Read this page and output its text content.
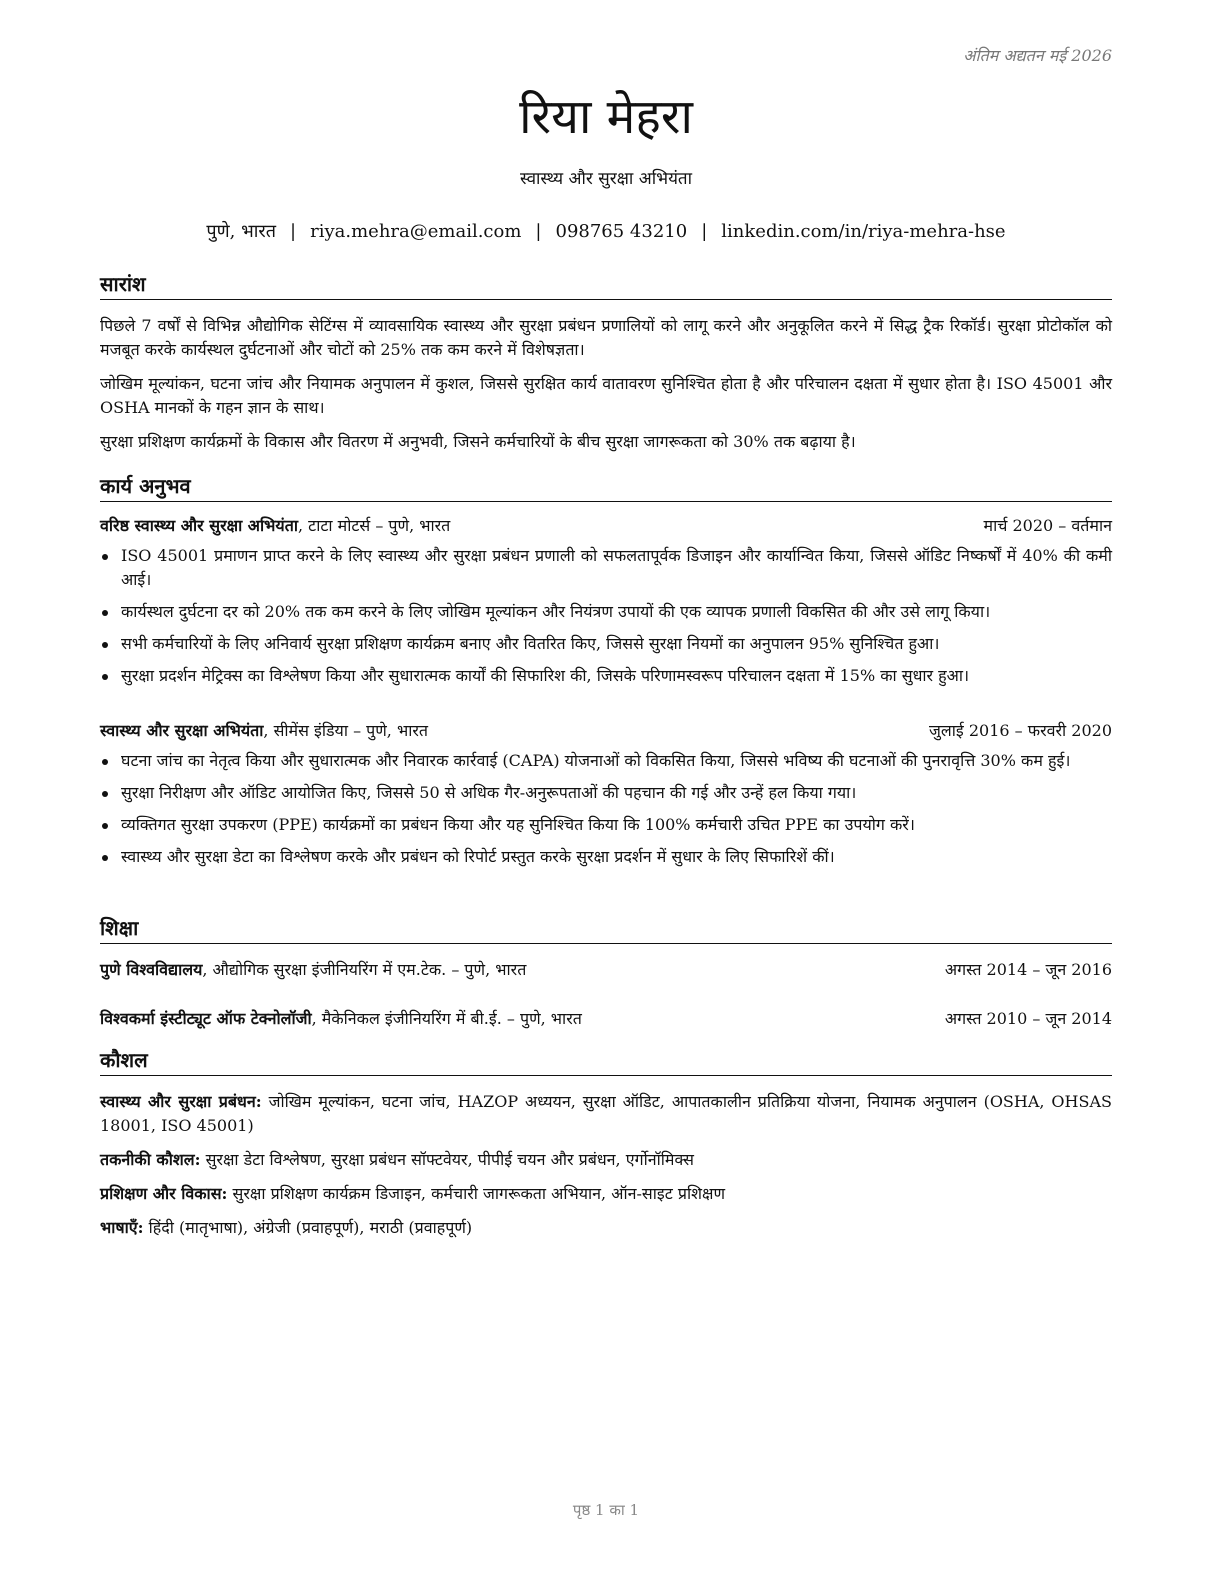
अंतिम अद्यतन मई 2026
रिया मेहरा
स्वास्थ्य और सुरक्षा अभियंता
पुणे, भारत | riya.mehra@email.com | 098765 43210 | linkedin.com/in/riya-mehra-hse
सारांश
पिछले 7 वर्षों से विभिन्न औद्योगिक सेटिंग्स में व्यावसायिक स्वास्थ्य और सुरक्षा प्रबंधन प्रणालियों को लागू करने और अनुकूलित करने में सिद्ध ट्रैक रिकॉर्ड। सुरक्षा प्रोटोकॉल को मजबूत करके कार्यस्थल दुर्घटनाओं और चोटों को 25% तक कम करने में विशेषज्ञता।
जोखिम मूल्यांकन, घटना जांच और नियामक अनुपालन में कुशल, जिससे सुरक्षित कार्य वातावरण सुनिश्चित होता है और परिचालन दक्षता में सुधार होता है। ISO 45001 और OSHA मानकों के गहन ज्ञान के साथ।
सुरक्षा प्रशिक्षण कार्यक्रमों के विकास और वितरण में अनुभवी, जिसने कर्मचारियों के बीच सुरक्षा जागरूकता को 30% तक बढ़ाया है।
कार्य अनुभव
वरिष्ठ स्वास्थ्य और सुरक्षा अभियंता, टाटा मोटर्स – पुणे, भारत	मार्च 2020 – वर्तमान
ISO 45001 प्रमाणन प्राप्त करने के लिए स्वास्थ्य और सुरक्षा प्रबंधन प्रणाली को सफलतापूर्वक डिजाइन और कार्यान्वित किया, जिससे ऑडिट निष्कर्षों में 40% की कमी आई।
कार्यस्थल दुर्घटना दर को 20% तक कम करने के लिए जोखिम मूल्यांकन और नियंत्रण उपायों की एक व्यापक प्रणाली विकसित की और उसे लागू किया।
सभी कर्मचारियों के लिए अनिवार्य सुरक्षा प्रशिक्षण कार्यक्रम बनाए और वितरित किए, जिससे सुरक्षा नियमों का अनुपालन 95% सुनिश्चित हुआ।
सुरक्षा प्रदर्शन मेट्रिक्स का विश्लेषण किया और सुधारात्मक कार्यों की सिफारिश की, जिसके परिणामस्वरूप परिचालन दक्षता में 15% का सुधार हुआ।
स्वास्थ्य और सुरक्षा अभियंता, सीमेंस इंडिया – पुणे, भारत	जुलाई 2016 – फरवरी 2020
घटना जांच का नेतृत्व किया और सुधारात्मक और निवारक कार्रवाई (CAPA) योजनाओं को विकसित किया, जिससे भविष्य की घटनाओं की पुनरावृत्ति 30% कम हुई।
सुरक्षा निरीक्षण और ऑडिट आयोजित किए, जिससे 50 से अधिक गैर-अनुरूपताओं की पहचान की गई और उन्हें हल किया गया।
व्यक्तिगत सुरक्षा उपकरण (PPE) कार्यक्रमों का प्रबंधन किया और यह सुनिश्चित किया कि 100% कर्मचारी उचित PPE का उपयोग करें।
स्वास्थ्य और सुरक्षा डेटा का विश्लेषण करके और प्रबंधन को रिपोर्ट प्रस्तुत करके सुरक्षा प्रदर्शन में सुधार के लिए सिफारिशें कीं।
शिक्षा
पुणे विश्वविद्यालय, औद्योगिक सुरक्षा इंजीनियरिंग में एम.टेक. – पुणे, भारत	अगस्त 2014 – जून 2016
विश्वकर्मा इंस्टीट्यूट ऑफ टेक्नोलॉजी, मैकेनिकल इंजीनियरिंग में बी.ई. – पुणे, भारत	अगस्त 2010 – जून 2014
कौशल
स्वास्थ्य और सुरक्षा प्रबंधन: जोखिम मूल्यांकन, घटना जांच, HAZOP अध्ययन, सुरक्षा ऑडिट, आपातकालीन प्रतिक्रिया योजना, नियामक अनुपालन (OSHA, OHSAS 18001, ISO 45001)
तकनीकी कौशल: सुरक्षा डेटा विश्लेषण, सुरक्षा प्रबंधन सॉफ्टवेयर, पीपीई चयन और प्रबंधन, एर्गोनॉमिक्स
प्रशिक्षण और विकास: सुरक्षा प्रशिक्षण कार्यक्रम डिजाइन, कर्मचारी जागरूकता अभियान, ऑन-साइट प्रशिक्षण
भाषाएँ: हिंदी (मातृभाषा), अंग्रेजी (प्रवाहपूर्ण), मराठी (प्रवाहपूर्ण)
पृष्ठ 1 का 1
